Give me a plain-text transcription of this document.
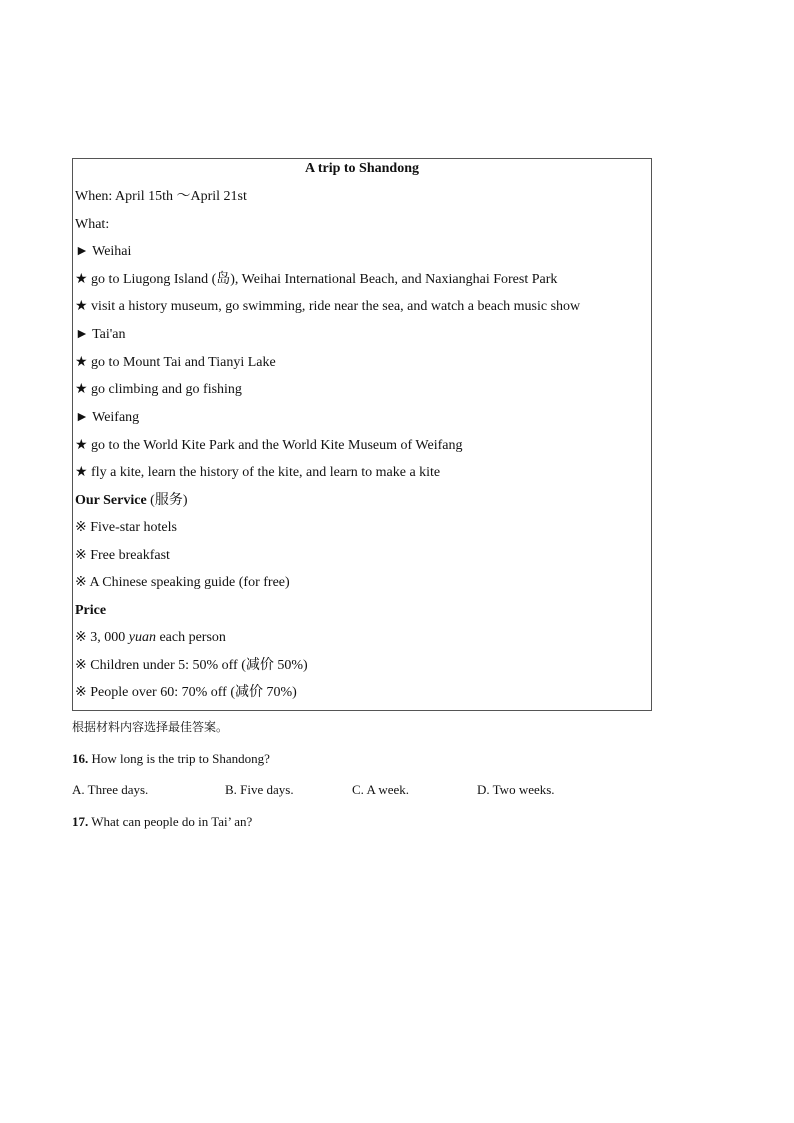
A trip to Shandong
When: April 15th ～April 21st
What:
► Weihai
★ go to Liugong Island (岛), Weihai International Beach, and Naxianghai Forest Park
★ visit a history museum, go swimming, ride near the sea, and watch a beach music show
► Tai'an
★ go to Mount Tai and Tianyi Lake
★ go climbing and go fishing
► Weifang
★ go to the World Kite Park and the World Kite Museum of Weifang
★ fly a kite, learn the history of the kite, and learn to make a kite
Our Service (服务)
※ Five-star hotels
※ Free breakfast
※ A Chinese speaking guide (for free)
Price
※ 3, 000 yuan each person
※ Children under 5: 50% off (减价 50%)
※ People over 60: 70% off (减价 70%)
根据材料内容选择最佳答案。
16. How long is the trip to Shandong?
A. Three days.	B. Five days.	C. A week.	D. Two weeks.
17. What can people do in Tai’ an?
